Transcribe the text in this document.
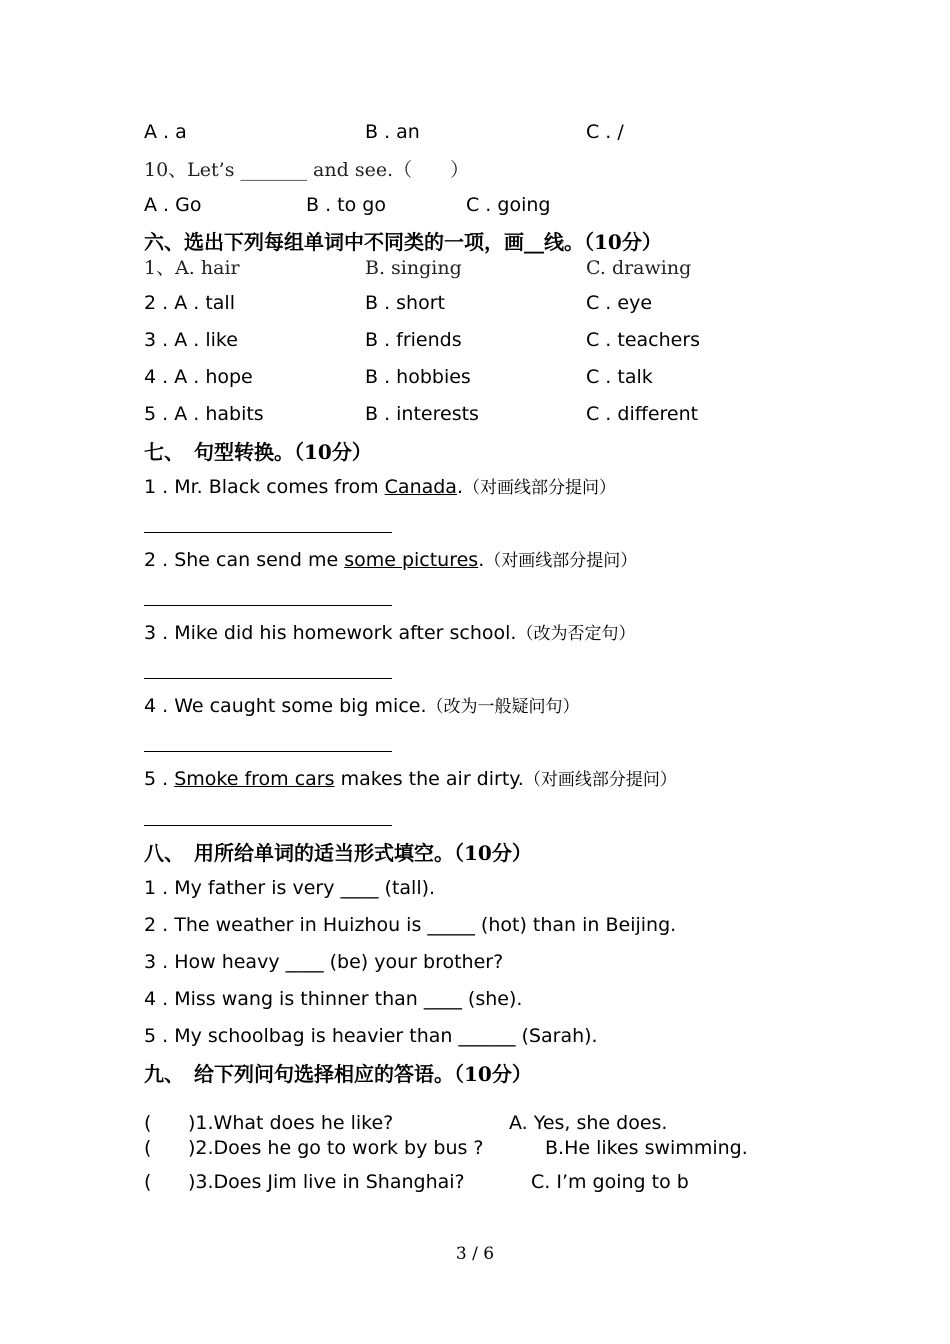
A . a	B . an	C . /
10、Let’s _______ and see.（　　）
A . Go	B . to go	C . going
六、选出下列每组单词中不同类的一项，画__线。（10分）
1、A. hair	B. singing	C. drawing
2 . A . tall	B . short	C . eye
3 . A . like	B . friends	C . teachers
4 . A . hope	B . hobbies	C . talk
5 . A . habits	B . interests	C . different
七、　句型转换。（10分）
1 . Mr. Black comes from Canada.（对画线部分提问）
2 . She can send me some pictures.（对画线部分提问）
3 . Mike did his homework after school.（改为否定句）
4 . We caught some big mice.（改为一般疑问句）
5 . Smoke from cars makes the air dirty.（对画线部分提问）
八、　用所给单词的适当形式填空。（10分）
1 . My father is very ____ (tall).
2 . The weather in Huizhou is _____ (hot) than in Beijing.
3 . How heavy ____ (be) your brother?
4 . Miss wang is thinner than ____ (she).
5 . My schoolbag is heavier than ______ (Sarah).
九、　给下列问句选择相应的答语。（10分）
( )1.What does he like?	A. Yes, she does.
( )2.Does he go to work by bus ?	B.He likes swimming.
( )3.Does Jim live in Shanghai?	C. I’m going to b
3 / 6
